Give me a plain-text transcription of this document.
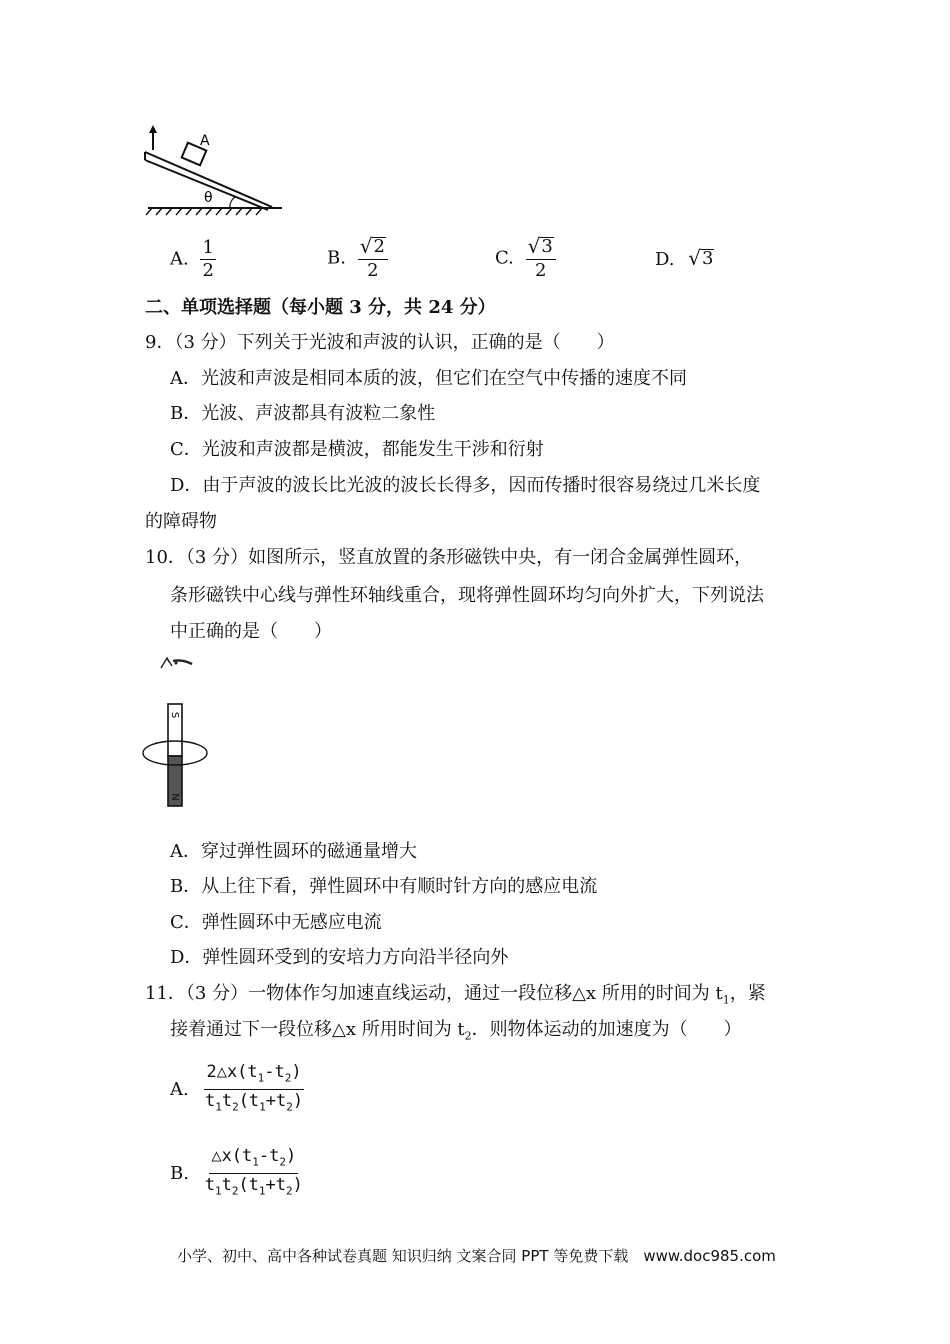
A
θ
A. $\frac{1}{2}$	B. $\frac{√ 2}{2}$	C. $\frac{√ 3}{2}$	D. √ 3
二、单项选择题（每小题 3 分，共 24 分）
9．（3 分）下列关于光波和声波的认识，正确的是（　　）
A．光波和声波是相同本质的波，但它们在空气中传播的速度不同
B．光波、声波都具有波粒二象性
C．光波和声波都是横波，都能发生干涉和衍射
D．由于声波的波长比光波的波长长得多，因而传播时很容易绕过几米长度
的障碍物
10．（3 分）如图所示，竖直放置的条形磁铁中央，有一闭合金属弹性圆环，
条形磁铁中心线与弹性环轴线重合，现将弹性圆环均匀向外扩大，下列说法
中正确的是（　　）
S
N
A．穿过弹性圆环的磁通量增大
B．从上往下看，弹性圆环中有顺时针方向的感应电流
C．弹性圆环中无感应电流
D．弹性圆环受到的安培力方向沿半径向外
11．（3 分）一物体作匀加速直线运动，通过一段位移△x 所用的时间为 $t_1$，紧
接着通过下一段位移△x 所用时间为 $t_2$．则物体运动的加速度为（　　）
A. $\frac{2\triangle x(t_1-t_2)}{t_1t_2(t_1+t_2)}$
B. $\frac{\triangle x(t_1-t_2)}{t_1t_2(t_1+t_2)}$
小学、初中、高中各种试卷真题 知识归纳 文案合同 PPT 等免费下载　www.doc985.com
